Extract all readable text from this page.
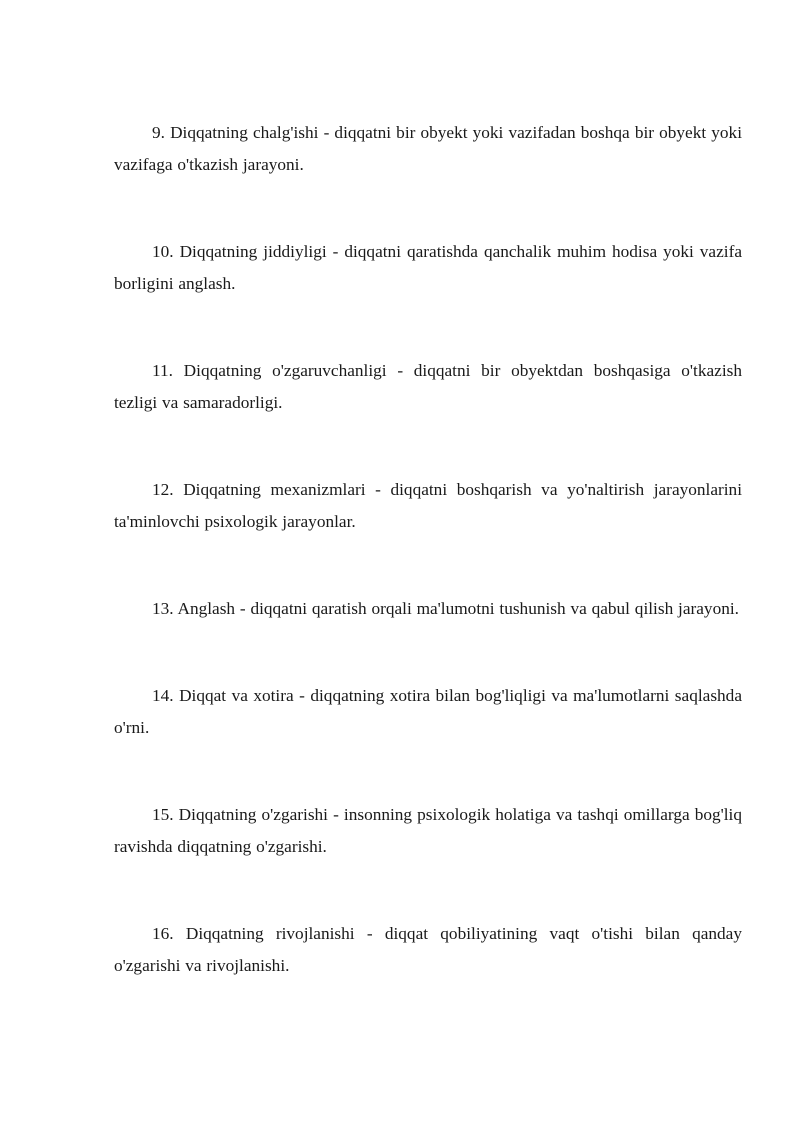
9. Diqqatning chalg'ishi - diqqatni bir obyekt yoki vazifadan boshqa bir obyekt yoki vazifaga o'tkazish jarayoni.

10. Diqqatning jiddiyligi - diqqatni qaratishda qanchalik muhim hodisa yoki vazifa borligini anglash.

11. Diqqatning o'zgaruvchanligi - diqqatni bir obyektdan boshqasiga o'tkazish tezligi va samaradorligi.

12. Diqqatning mexanizmlari - diqqatni boshqarish va yo'naltirish jarayonlarini ta'minlovchi psixologik jarayonlar.

13. Anglash - diqqatni qaratish orqali ma'lumotni tushunish va qabul qilish jarayoni.

14. Diqqat va xotira - diqqatning xotira bilan bog'liqligi va ma'lumotlarni saqlashda o'rni.

15. Diqqatning o'zgarishi - insonning psixologik holatiga va tashqi omillarga bog'liq ravishda diqqatning o'zgarishi.

16. Diqqatning rivojlanishi - diqqat qobiliyatining vaqt o'tishi bilan qanday o'zgarishi va rivojlanishi.
